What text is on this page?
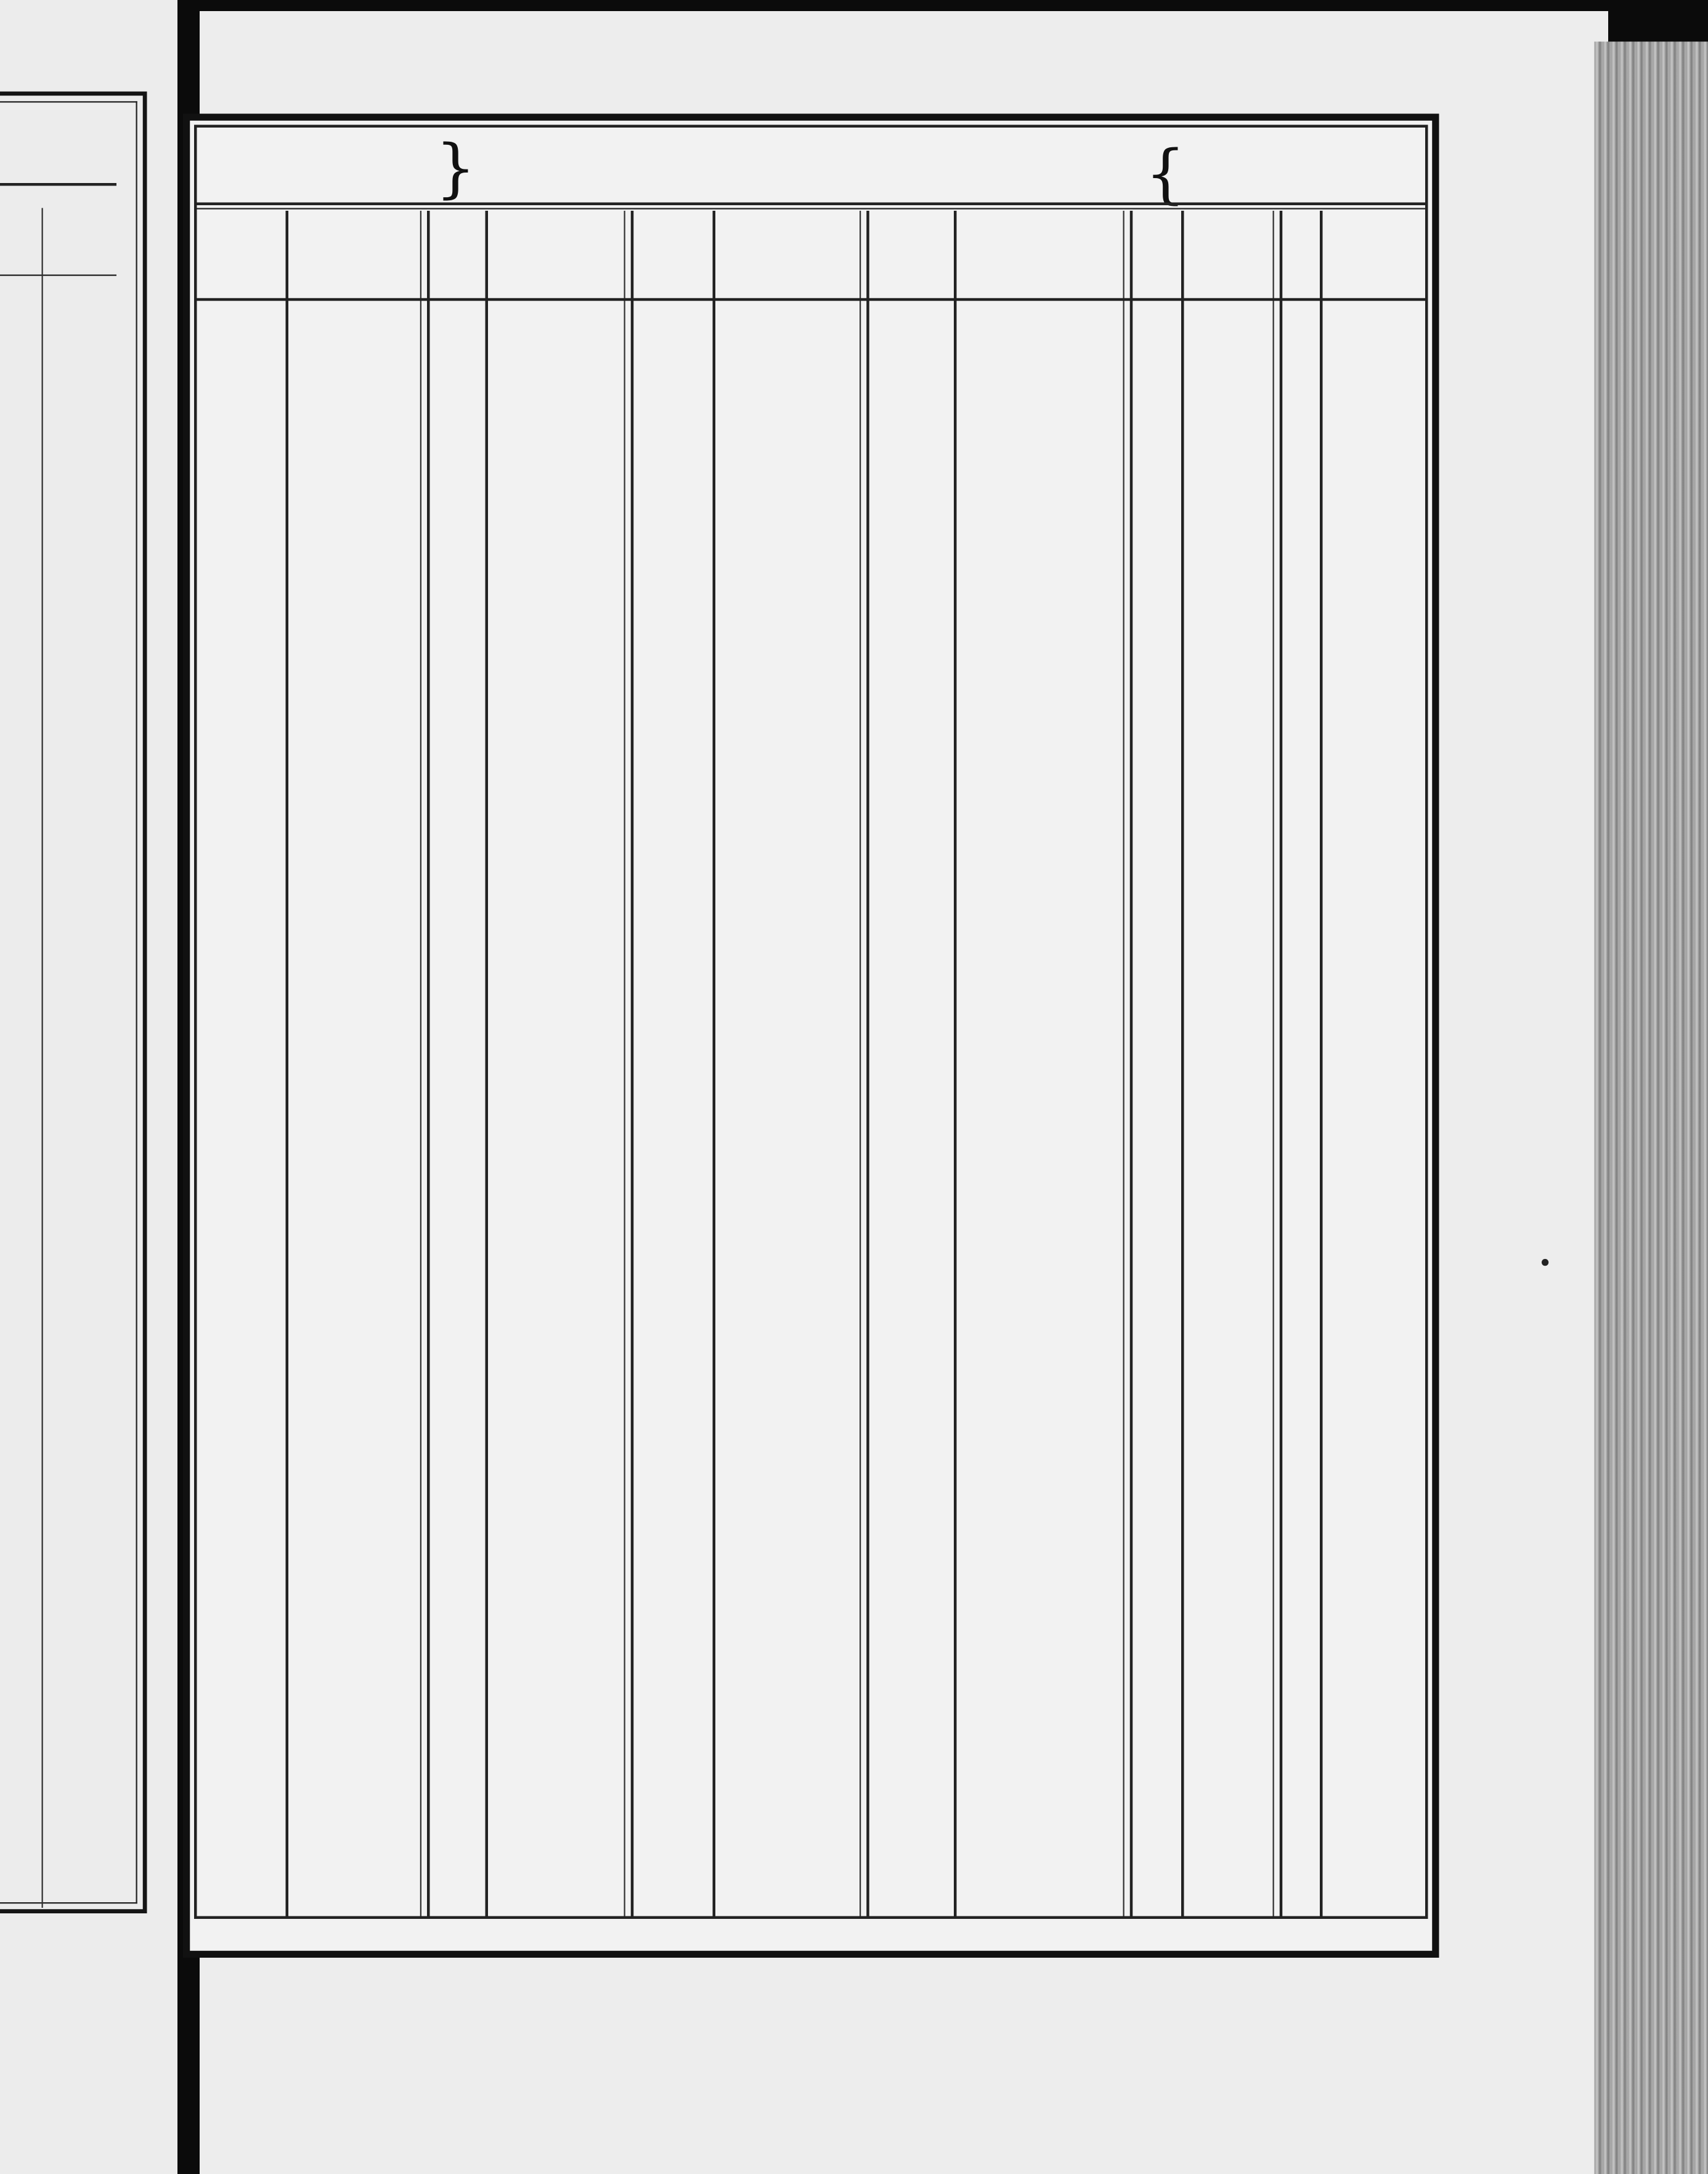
}	{
